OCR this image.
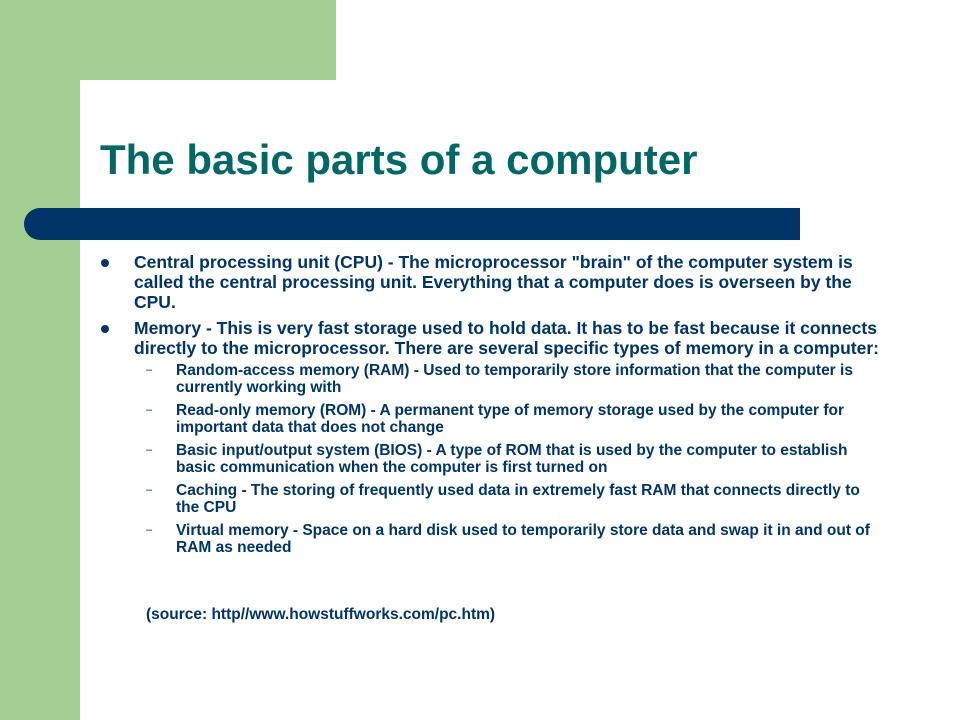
The basic parts of a computer
Central processing unit (CPU) - The microprocessor "brain" of the computer system is called the central processing unit. Everything that a computer does is overseen by the CPU.
Memory - This is very fast storage used to hold data. It has to be fast because it connects directly to the microprocessor. There are several specific types of memory in a computer:
– Random-access memory (RAM) - Used to temporarily store information that the computer is currently working with
– Read-only memory (ROM) - A permanent type of memory storage used by the computer for important data that does not change
– Basic input/output system (BIOS) - A type of ROM that is used by the computer to establish basic communication when the computer is first turned on
– Caching - The storing of frequently used data in extremely fast RAM that connects directly to the CPU
– Virtual memory - Space on a hard disk used to temporarily store data and swap it in and out of RAM as needed
(source: http//www.howstuffworks.com/pc.htm)
